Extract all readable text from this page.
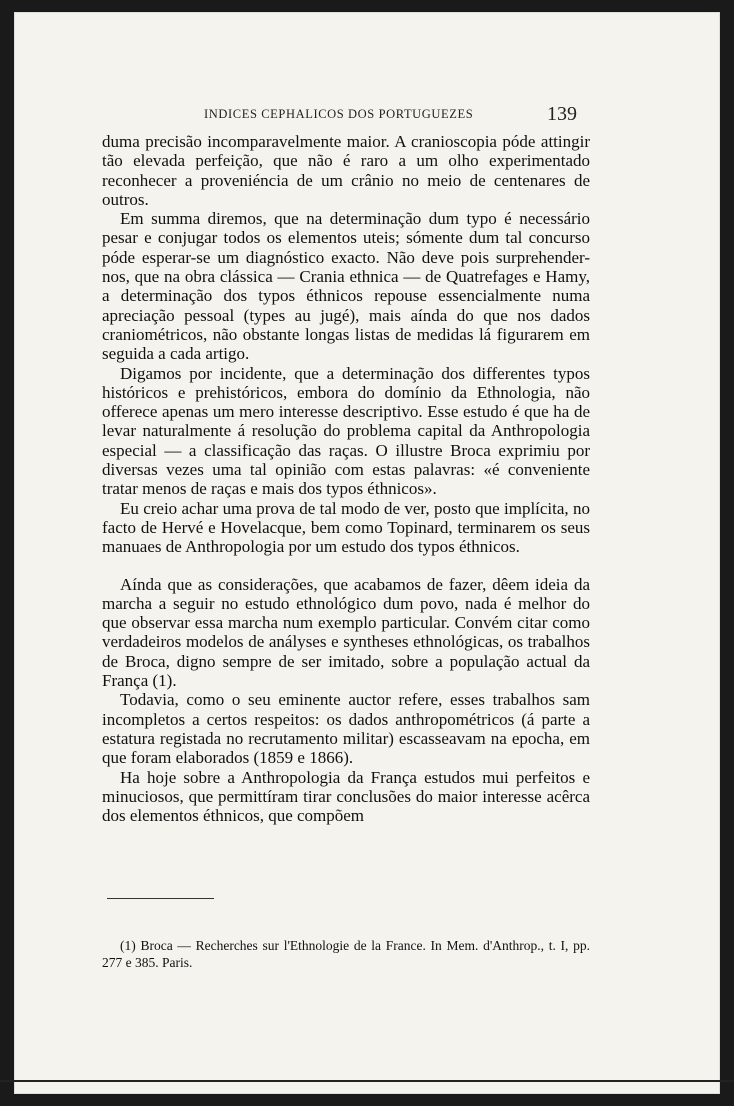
INDICES CEPHALICOS DOS PORTUGUEZES	139

duma precisão incomparavelmente maior. A cranioscopia póde attingir tão elevada perfeição, que não é raro a um olho experimentado reconhecer a proveniéncia de um crânio no meio de centenares de outros.

Em summa diremos, que na determinação dum typo é necessário pesar e conjugar todos os elementos uteis; sómente dum tal concurso póde esperar-se um diagnóstico exacto. Não deve pois surprehender-nos, que na obra clássica — Crania ethnica — de Quatrefages e Hamy, a determinação dos typos éthnicos repouse essencialmente numa apreciação pessoal (types au jugé), mais aínda do que nos dados craniométricos, não obstante longas listas de medidas lá figurarem em seguida a cada artigo.

Digamos por incidente, que a determinação dos differentes typos históricos e prehistóricos, embora do domínio da Ethnologia, não offerece apenas um mero interesse descriptivo. Esse estudo é que ha de levar naturalmente á resolução do problema capital da Anthropologia especial — a classificação das raças. O illustre Broca exprimiu por diversas vezes uma tal opinião com estas palavras: «é conveniente tratar menos de raças e mais dos typos éthnicos».

Eu creio achar uma prova de tal modo de ver, posto que implícita, no facto de Hervé e Hovelacque, bem como Topinard, terminarem os seus manuaes de Anthropologia por um estudo dos typos éthnicos.

Aínda que as considerações, que acabamos de fazer, dêem ideia da marcha a seguir no estudo ethnológico dum povo, nada é melhor do que observar essa marcha num exemplo particular. Convém citar como verdadeiros modelos de anályses e syntheses ethnológicas, os trabalhos de Broca, digno sempre de ser imitado, sobre a população actual da França (1).

Todavia, como o seu eminente auctor refere, esses trabalhos sam incompletos a certos respeitos: os dados anthropométricos (á parte a estatura registada no recrutamento militar) escasseavam na epocha, em que foram elaborados (1859 e 1866).

Ha hoje sobre a Anthropologia da França estudos mui perfeitos e minuciosos, que permittíram tirar conclusões do maior interesse acêrca dos elementos éthnicos, que compõem

(1) Broca — Recherches sur l'Ethnologie de la France. In Mem. d'Anthrop., t. I, pp. 277 e 385. Paris.
